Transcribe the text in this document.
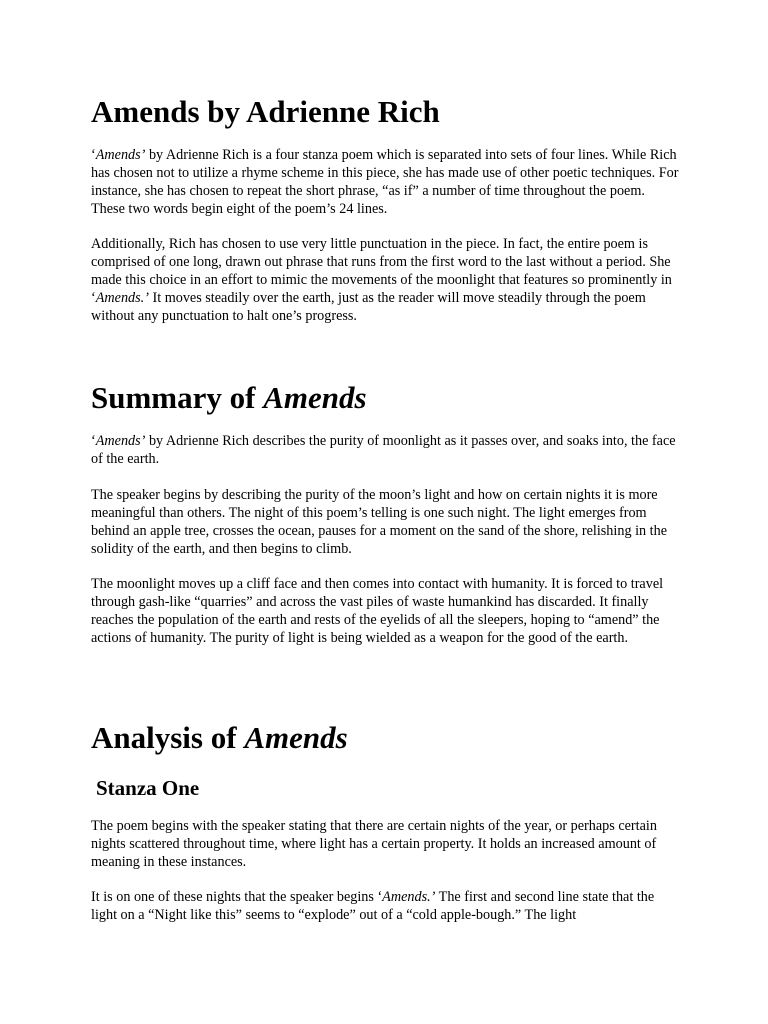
Amends by Adrienne Rich

‘Amends’ by Adrienne Rich is a four stanza poem which is separated into sets of four lines. While Rich has chosen not to utilize a rhyme scheme in this piece, she has made use of other poetic techniques. For instance, she has chosen to repeat the short phrase, “as if” a number of time throughout the poem. These two words begin eight of the poem’s 24 lines.

Additionally, Rich has chosen to use very little punctuation in the piece. In fact, the entire poem is comprised of one long, drawn out phrase that runs from the first word to the last without a period. She made this choice in an effort to mimic the movements of the moonlight that features so prominently in ‘Amends.’ It moves steadily over the earth, just as the reader will move steadily through the poem without any punctuation to halt one’s progress.

Summary of Amends

‘Amends’ by Adrienne Rich describes the purity of moonlight as it passes over, and soaks into, the face of the earth.

The speaker begins by describing the purity of the moon’s light and how on certain nights it is more meaningful than others. The night of this poem’s telling is one such night. The light emerges from behind an apple tree, crosses the ocean, pauses for a moment on the sand of the shore, relishing in the solidity of the earth, and then begins to climb.

The moonlight moves up a cliff face and then comes into contact with humanity. It is forced to travel through gash-like “quarries” and across the vast piles of waste humankind has discarded. It finally reaches the population of the earth and rests of the eyelids of all the sleepers, hoping to “amend” the actions of humanity. The purity of light is being wielded as a weapon for the good of the earth.

Analysis of Amends
Stanza One

The poem begins with the speaker stating that there are certain nights of the year, or perhaps certain nights scattered throughout time, where light has a certain property. It holds an increased amount of meaning in these instances.

It is on one of these nights that the speaker begins ‘Amends.’ The first and second line state that the light on a “Night like this” seems to “explode” out of a “cold apple-bough.” The light
